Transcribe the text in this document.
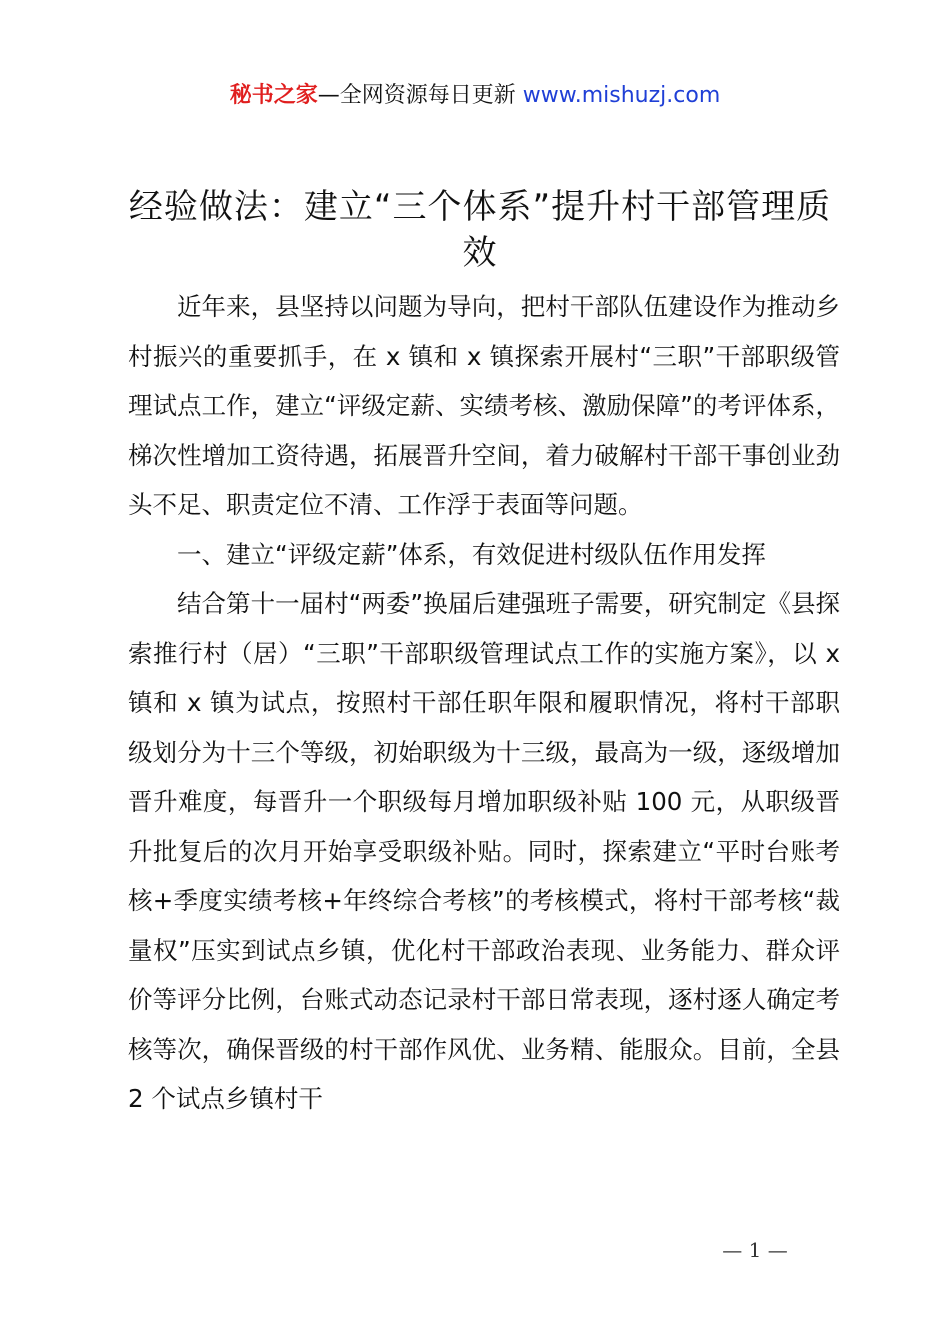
秘书之家—全网资源每日更新 www.mishuzj.com
经验做法：建立“三个体系”提升村干部管理质效

近年来，县坚持以问题为导向，把村干部队伍建设作为推动乡村振兴的重要抓手，在 x 镇和 x 镇探索开展村“三职”干部职级管理试点工作，建立“评级定薪、实绩考核、激励保障”的考评体系，梯次性增加工资待遇，拓展晋升空间，着力破解村干部干事创业劲头不足、职责定位不清、工作浮于表面等问题。

一、建立“评级定薪”体系，有效促进村级队伍作用发挥

结合第十一届村“两委”换届后建强班子需要，研究制定《县探索推行村（居）“三职”干部职级管理试点工作的实施方案》，以 x 镇和 x 镇为试点，按照村干部任职年限和履职情况，将村干部职级划分为十三个等级，初始职级为十三级，最高为一级，逐级增加晋升难度，每晋升一个职级每月增加职级补贴 100 元，从职级晋升批复后的次月开始享受职级补贴。同时，探索建立“平时台账考核+季度实绩考核+年终综合考核”的考核模式，将村干部考核“裁量权”压实到试点乡镇，优化村干部政治表现、业务能力、群众评价等评分比例，台账式动态记录村干部日常表现，逐村逐人确定考核等次，确保晋级的村干部作风优、业务精、能服众。目前，全县 2 个试点乡镇村干

— 1 —
